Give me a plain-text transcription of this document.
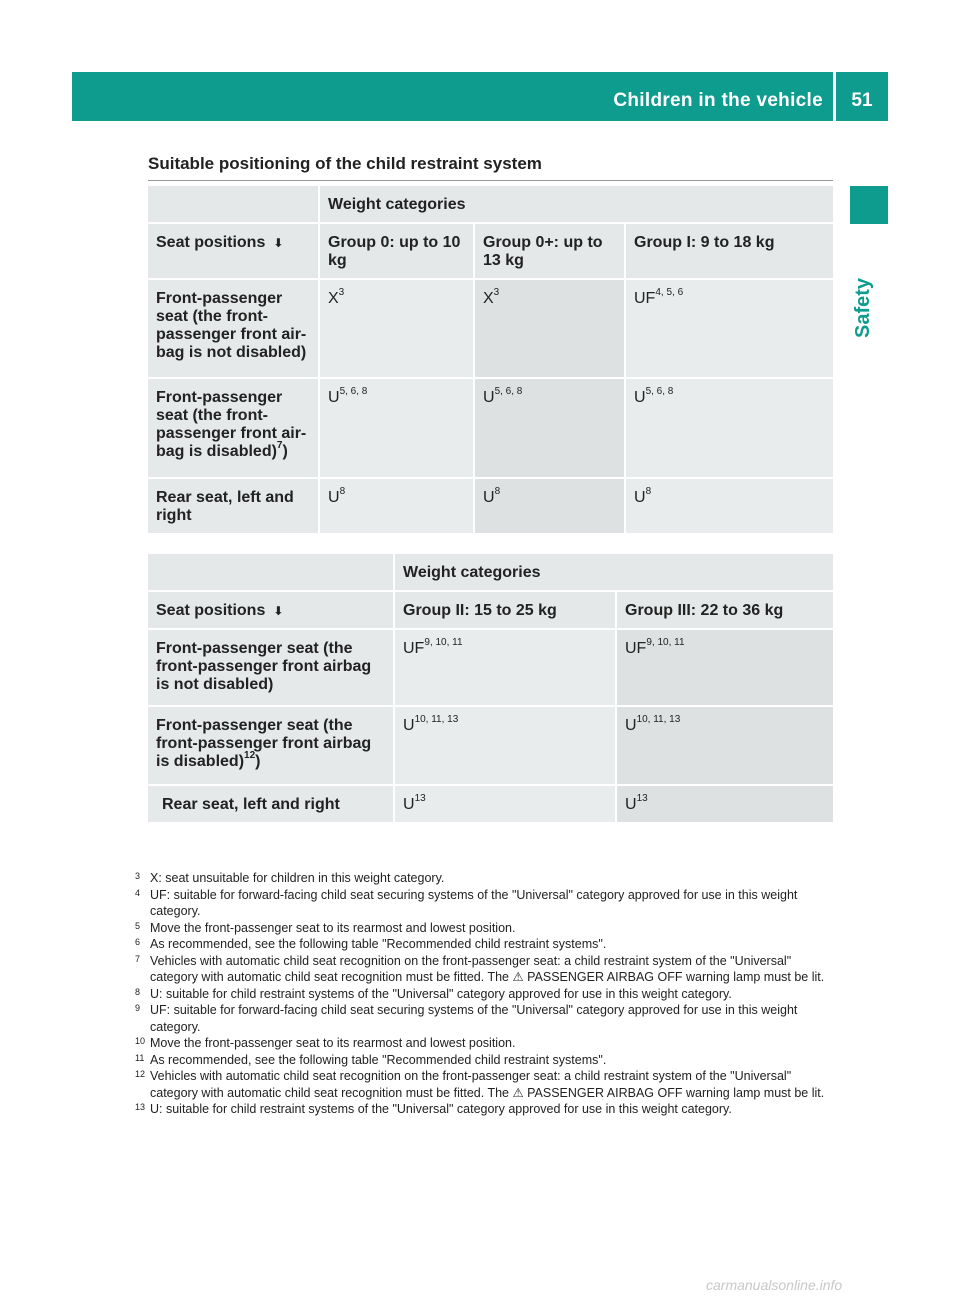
Children in the vehicle	51
Safety
Suitable positioning of the child restraint system
	Weight categories		
Seat positions ⬇	Group 0: up to 10 kg	Group 0+: up to 13 kg	Group I: 9 to 18 kg
Front-passenger seat (the front-passenger front air-bag is not disabled)	$X^3$	$X^3$	UF$^{4, 5, 6}$
Front-passenger seat (the front-passenger front air-bag is disabled)$^7$)	U$^{5, 6, 8}$	U$^{5, 6, 8}$	U$^{5, 6, 8}$
Rear seat, left and right	$U^8$	$U^8$	$U^8$
	Weight categories	
Seat positions ⬇	Group II: 15 to 25 kg	Group III: 22 to 36 kg
Front-passenger seat (the front-passenger front airbag is not disabled)	UF$^{9, 10, 11}$	UF$^{9, 10, 11}$
Front-passenger seat (the front-passenger front airbag is disabled)$^{12}$)	U$^{10, 11, 13}$	U$^{10, 11, 13}$
Rear seat, left and right	$U^{13}$	$U^{13}$
3 X: seat unsuitable for children in this weight category.
4 UF: suitable for forward-facing child seat securing systems of the "Universal" category approved for use in this weight category.
5 Move the front-passenger seat to its rearmost and lowest position.
6 As recommended, see the following table "Recommended child restraint systems".
7 Vehicles with automatic child seat recognition on the front-passenger seat: a child restraint system of the "Universal" category with automatic child seat recognition must be fitted. The ⚠ PASSENGER AIRBAG OFF warning lamp must be lit.
8 U: suitable for child restraint systems of the "Universal" category approved for use in this weight category.
9 UF: suitable for forward-facing child seat securing systems of the "Universal" category approved for use in this weight category.
10 Move the front-passenger seat to its rearmost and lowest position.
11 As recommended, see the following table "Recommended child restraint systems".
12 Vehicles with automatic child seat recognition on the front-passenger seat: a child restraint system of the "Universal" category with automatic child seat recognition must be fitted. The ⚠ PASSENGER AIRBAG OFF warning lamp must be lit.
13 U: suitable for child restraint systems of the "Universal" category approved for use in this weight category.
carmanualsonline.info
